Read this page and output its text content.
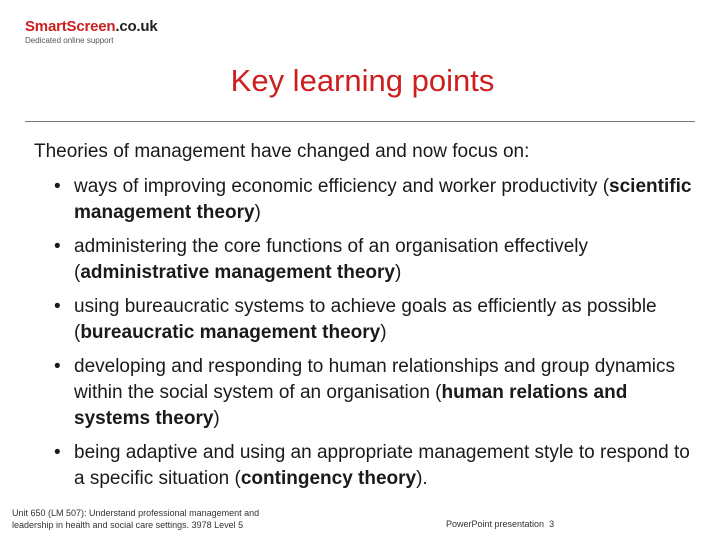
SmartScreen.co.uk
Dedicated online support
Key learning points
Theories of management have changed and now focus on:
• ways of improving economic efficiency and worker productivity (scientific management theory)
• administering the core functions of an organisation effectively (administrative management theory)
• using bureaucratic systems to achieve goals as efficiently as possible (bureaucratic management theory)
• developing and responding to human relationships and group dynamics within the social system of an organisation (human relations and systems theory)
• being adaptive and using an appropriate management style to respond to a specific situation (contingency theory).
Unit 650 (LM 507): Understand professional management and
leadership in health and social care settings. 3978 Level 5	PowerPoint presentation 3
